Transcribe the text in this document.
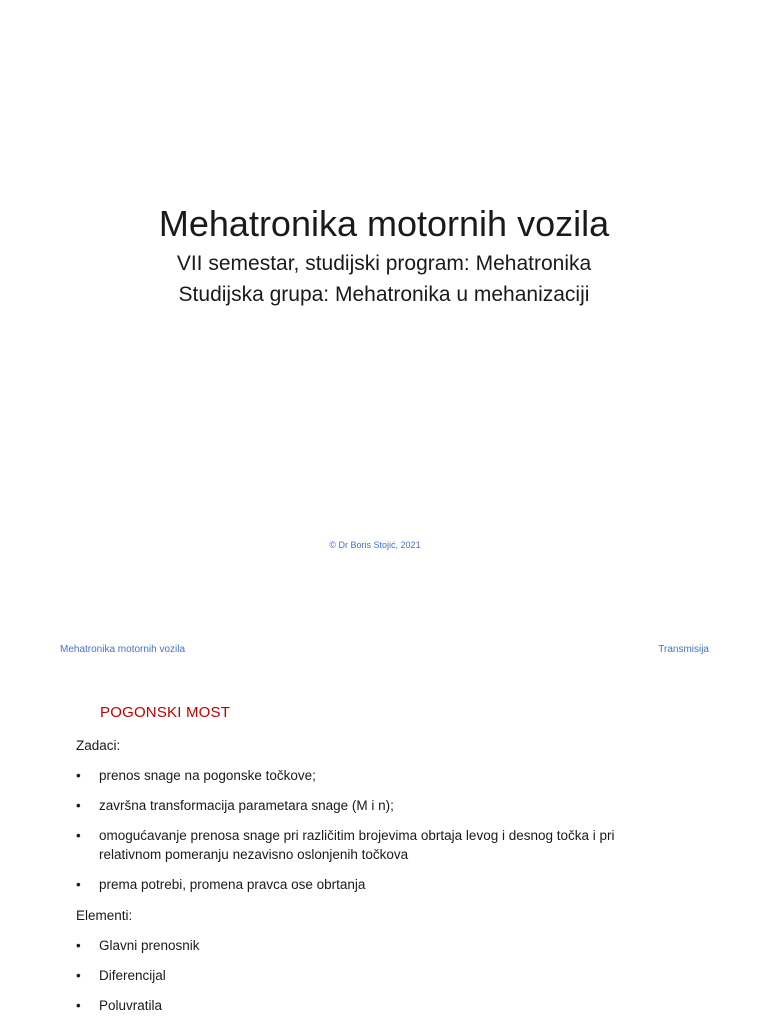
Mehatronika motornih vozila
VII semestar, studijski program: Mehatronika
Studijska grupa: Mehatronika u mehanizaciji
© Dr Boris Stojić, 2021
Mehatronika motornih vozila	Transmisija
POGONSKI MOST
Zadaci:
• prenos snage na pogonske točkove;
• završna transformacija parametara snage (M i n);
• omogućavanje prenosa snage pri različitim brojevima obrtaja levog i desnog točka i pri relativnom pomeranju nezavisno oslonjenih točkova
• prema potrebi, promena pravca ose obrtanja
Elementi:
• Glavni prenosnik
• Diferencijal
• Poluvratila
